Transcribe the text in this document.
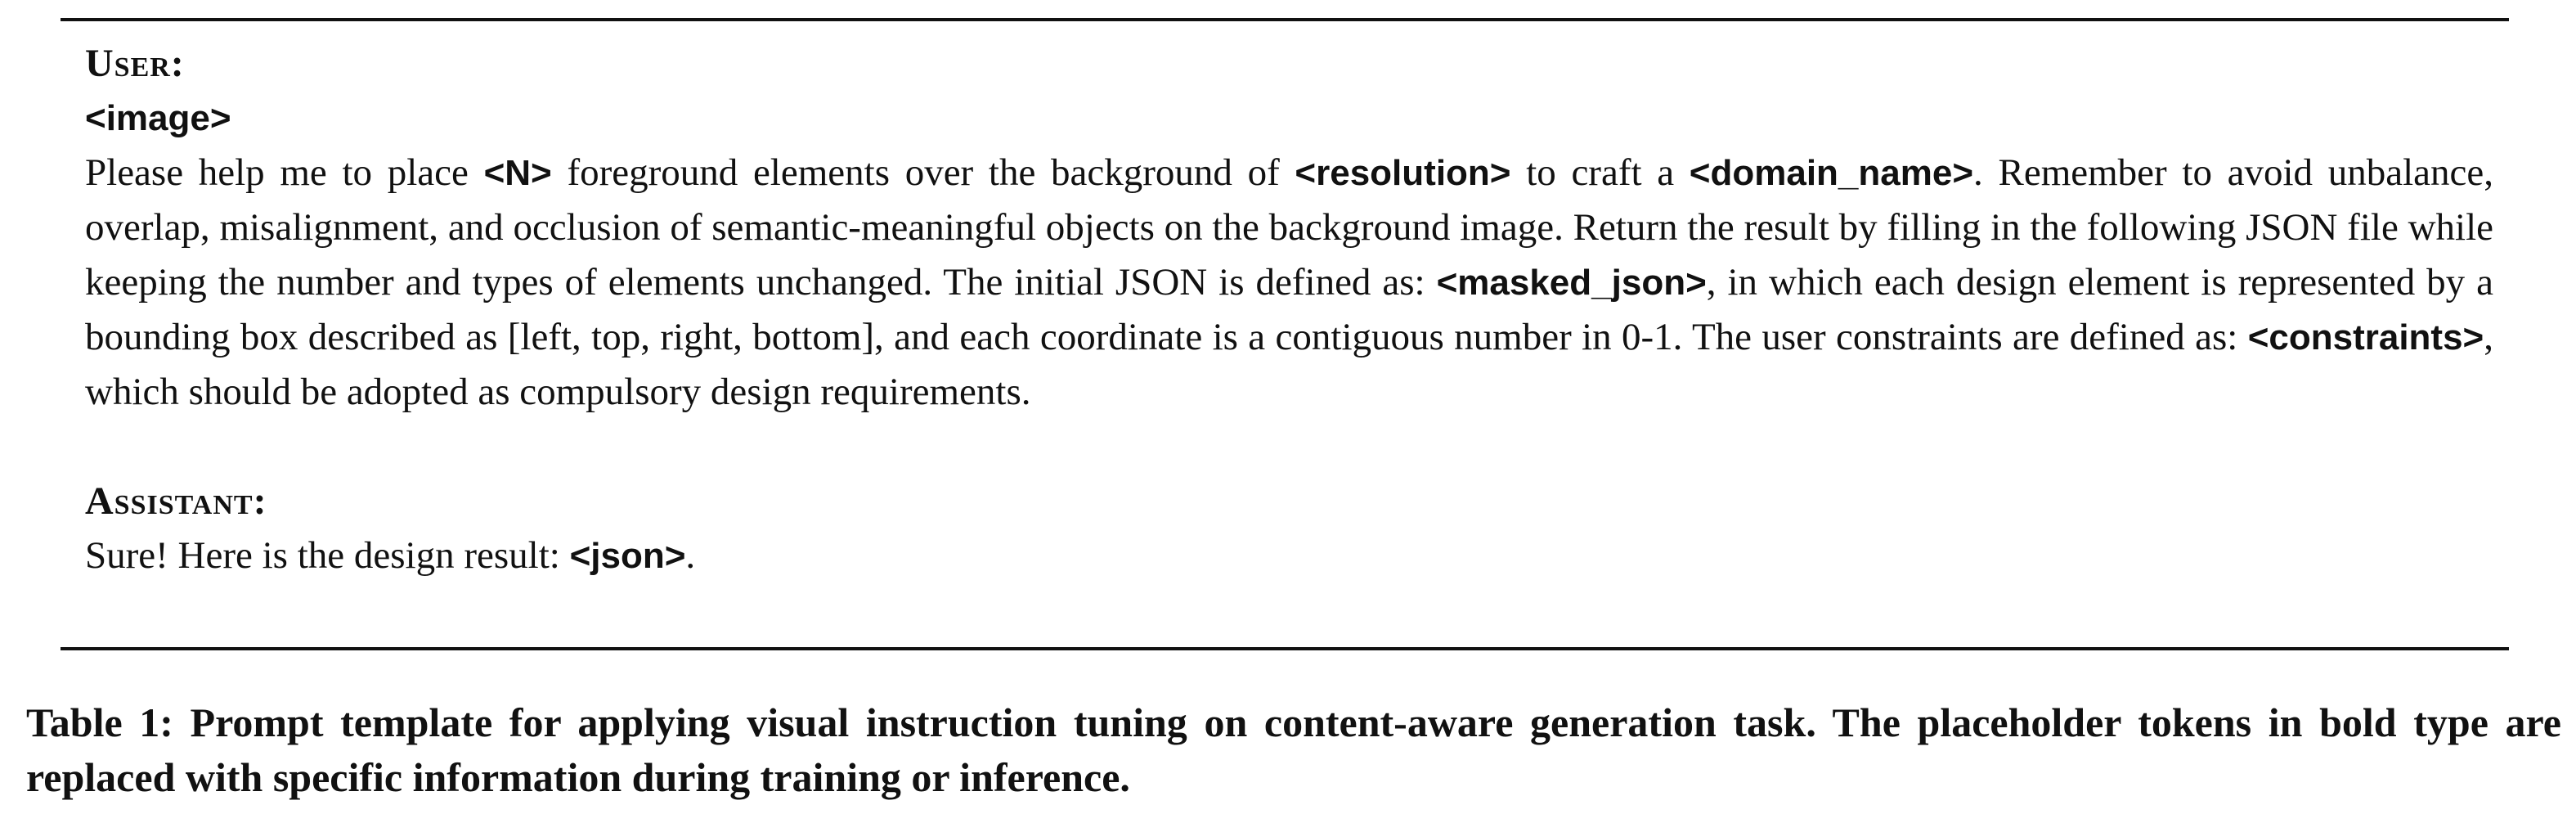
User:
<image>
Please help me to place <N> foreground elements over the background of <resolution> to craft a <domain_name>. Remember to avoid unbalance, overlap, misalignment, and occlusion of semantic-meaningful objects on the background image. Return the result by filling in the following JSON file while keeping the number and types of elements unchanged. The initial JSON is defined as: <masked_json>, in which each design element is represented by a bounding box described as [left, top, right, bottom], and each coordinate is a contiguous number in 0-1. The user constraints are defined as: <constraints>, which should be adopted as compulsory design requirements.
Assistant:
Sure! Here is the design result: <json>.
Table 1: Prompt template for applying visual instruction tuning on content-aware generation task. The placeholder tokens in bold type are replaced with specific information during training or inference.
